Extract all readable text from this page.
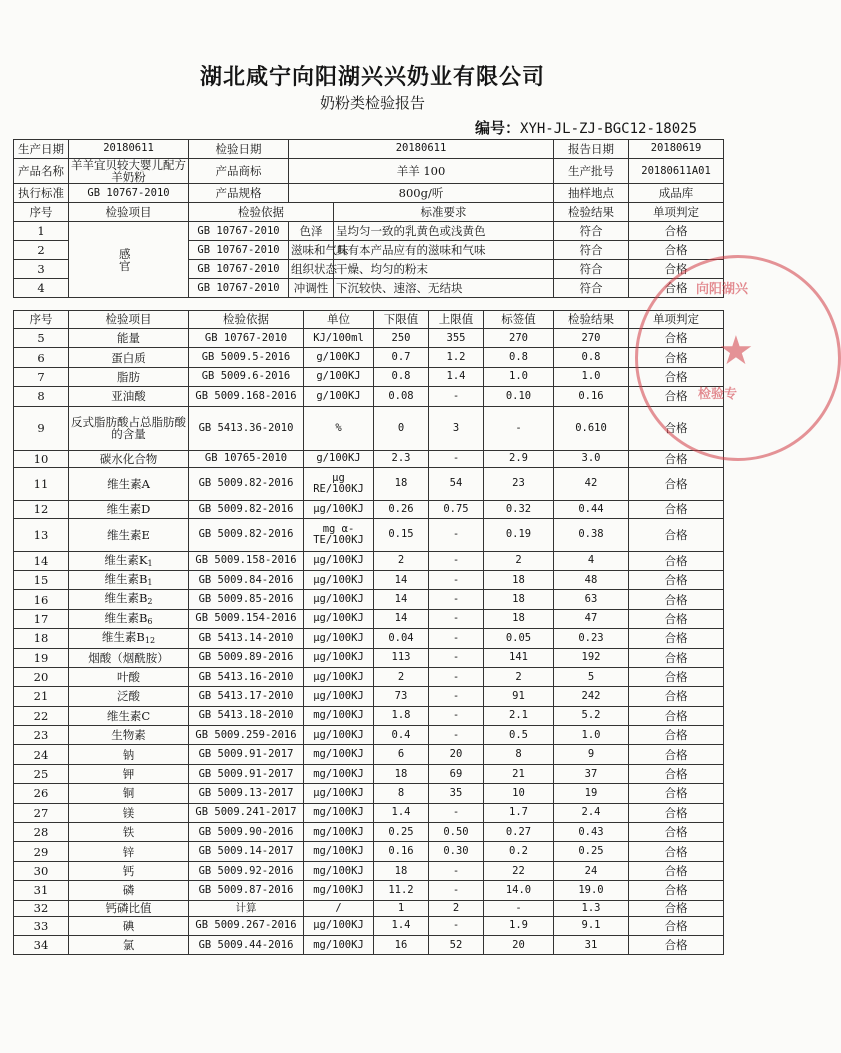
湖北咸宁向阳湖兴兴奶业有限公司
奶粉类检验报告
编号：XYH-JL-ZJ-BGC12-18025
生产日期	20180611	检验日期	20180611		报告日期	20180619
产品名称	羊羊宜贝较大婴儿配方羊奶粉	产品商标	羊羊 100		生产批号	20180611A01
执行标准	GB 10767-2010	产品规格	800g/听		抽样地点	成品库
序号	检验项目	检验依据		标准要求	检验结果	单项判定
1	感官	GB 10767-2010	色泽	呈均匀一致的乳黄色或浅黄色	符合	合格
2		GB 10767-2010	滋味和气味	具有本产品应有的滋味和气味	符合	合格
3		GB 10767-2010	组织状态	干燥、均匀的粉末	符合	合格
4		GB 10767-2010	冲调性	下沉较快、速溶、无结块	符合	合格
序号	检验项目	检验依据	单位	下限值	上限值	标签值	检验结果	单项判定
5	能量	GB 10767-2010	KJ/100ml	250	355	270	270	合格
6	蛋白质	GB 5009.5-2016	g/100KJ	0.7	1.2	0.8	0.8	合格
7	脂肪	GB 5009.6-2016	g/100KJ	0.8	1.4	1.0	1.0	合格
8	亚油酸	GB 5009.168-2016	g/100KJ	0.08	-	0.10	0.16	合格
9	反式脂肪酸占总脂肪酸的含量	GB 5413.36-2010	%	0	3	-	0.610	合格
10	碳水化合物	GB 10765-2010	g/100KJ	2.3	-	2.9	3.0	合格
11	维生素A	GB 5009.82-2016	μg RE/100KJ	18	54	23	42	合格
12	维生素D	GB 5009.82-2016	μg/100KJ	0.26	0.75	0.32	0.44	合格
13	维生素E	GB 5009.82-2016	mg α-TE/100KJ	0.15	-	0.19	0.38	合格
14	维生素$K_1$	GB 5009.158-2016	μg/100KJ	2	-	2	4	合格
15	维生素$B_1$	GB 5009.84-2016	μg/100KJ	14	-	18	48	合格
16	维生素$B_2$	GB 5009.85-2016	μg/100KJ	14	-	18	63	合格
17	维生素$B_6$	GB 5009.154-2016	μg/100KJ	14	-	18	47	合格
18	维生素$B_{12}$	GB 5413.14-2010	μg/100KJ	0.04	-	0.05	0.23	合格
19	烟酸（烟酰胺）	GB 5009.89-2016	μg/100KJ	113	-	141	192	合格
20	叶酸	GB 5413.16-2010	μg/100KJ	2	-	2	5	合格
21	泛酸	GB 5413.17-2010	μg/100KJ	73	-	91	242	合格
22	维生素C	GB 5413.18-2010	mg/100KJ	1.8	-	2.1	5.2	合格
23	生物素	GB 5009.259-2016	μg/100KJ	0.4	-	0.5	1.0	合格
24	钠	GB 5009.91-2017	mg/100KJ	6	20	8	9	合格
25	钾	GB 5009.91-2017	mg/100KJ	18	69	21	37	合格
26	铜	GB 5009.13-2017	μg/100KJ	8	35	10	19	合格
27	镁	GB 5009.241-2017	mg/100KJ	1.4	-	1.7	2.4	合格
28	铁	GB 5009.90-2016	mg/100KJ	0.25	0.50	0.27	0.43	合格
29	锌	GB 5009.14-2017	mg/100KJ	0.16	0.30	0.2	0.25	合格
30	钙	GB 5009.92-2016	mg/100KJ	18	-	22	24	合格
31	磷	GB 5009.87-2016	mg/100KJ	11.2	-	14.0	19.0	合格
32	钙磷比值	计算	/	1	2	-	1.3	合格
33	碘	GB 5009.267-2016	μg/100KJ	1.4	-	1.9	9.1	合格
34	氯	GB 5009.44-2016	mg/100KJ	16	52	20	31	合格
★
向阳湖兴
检验专
